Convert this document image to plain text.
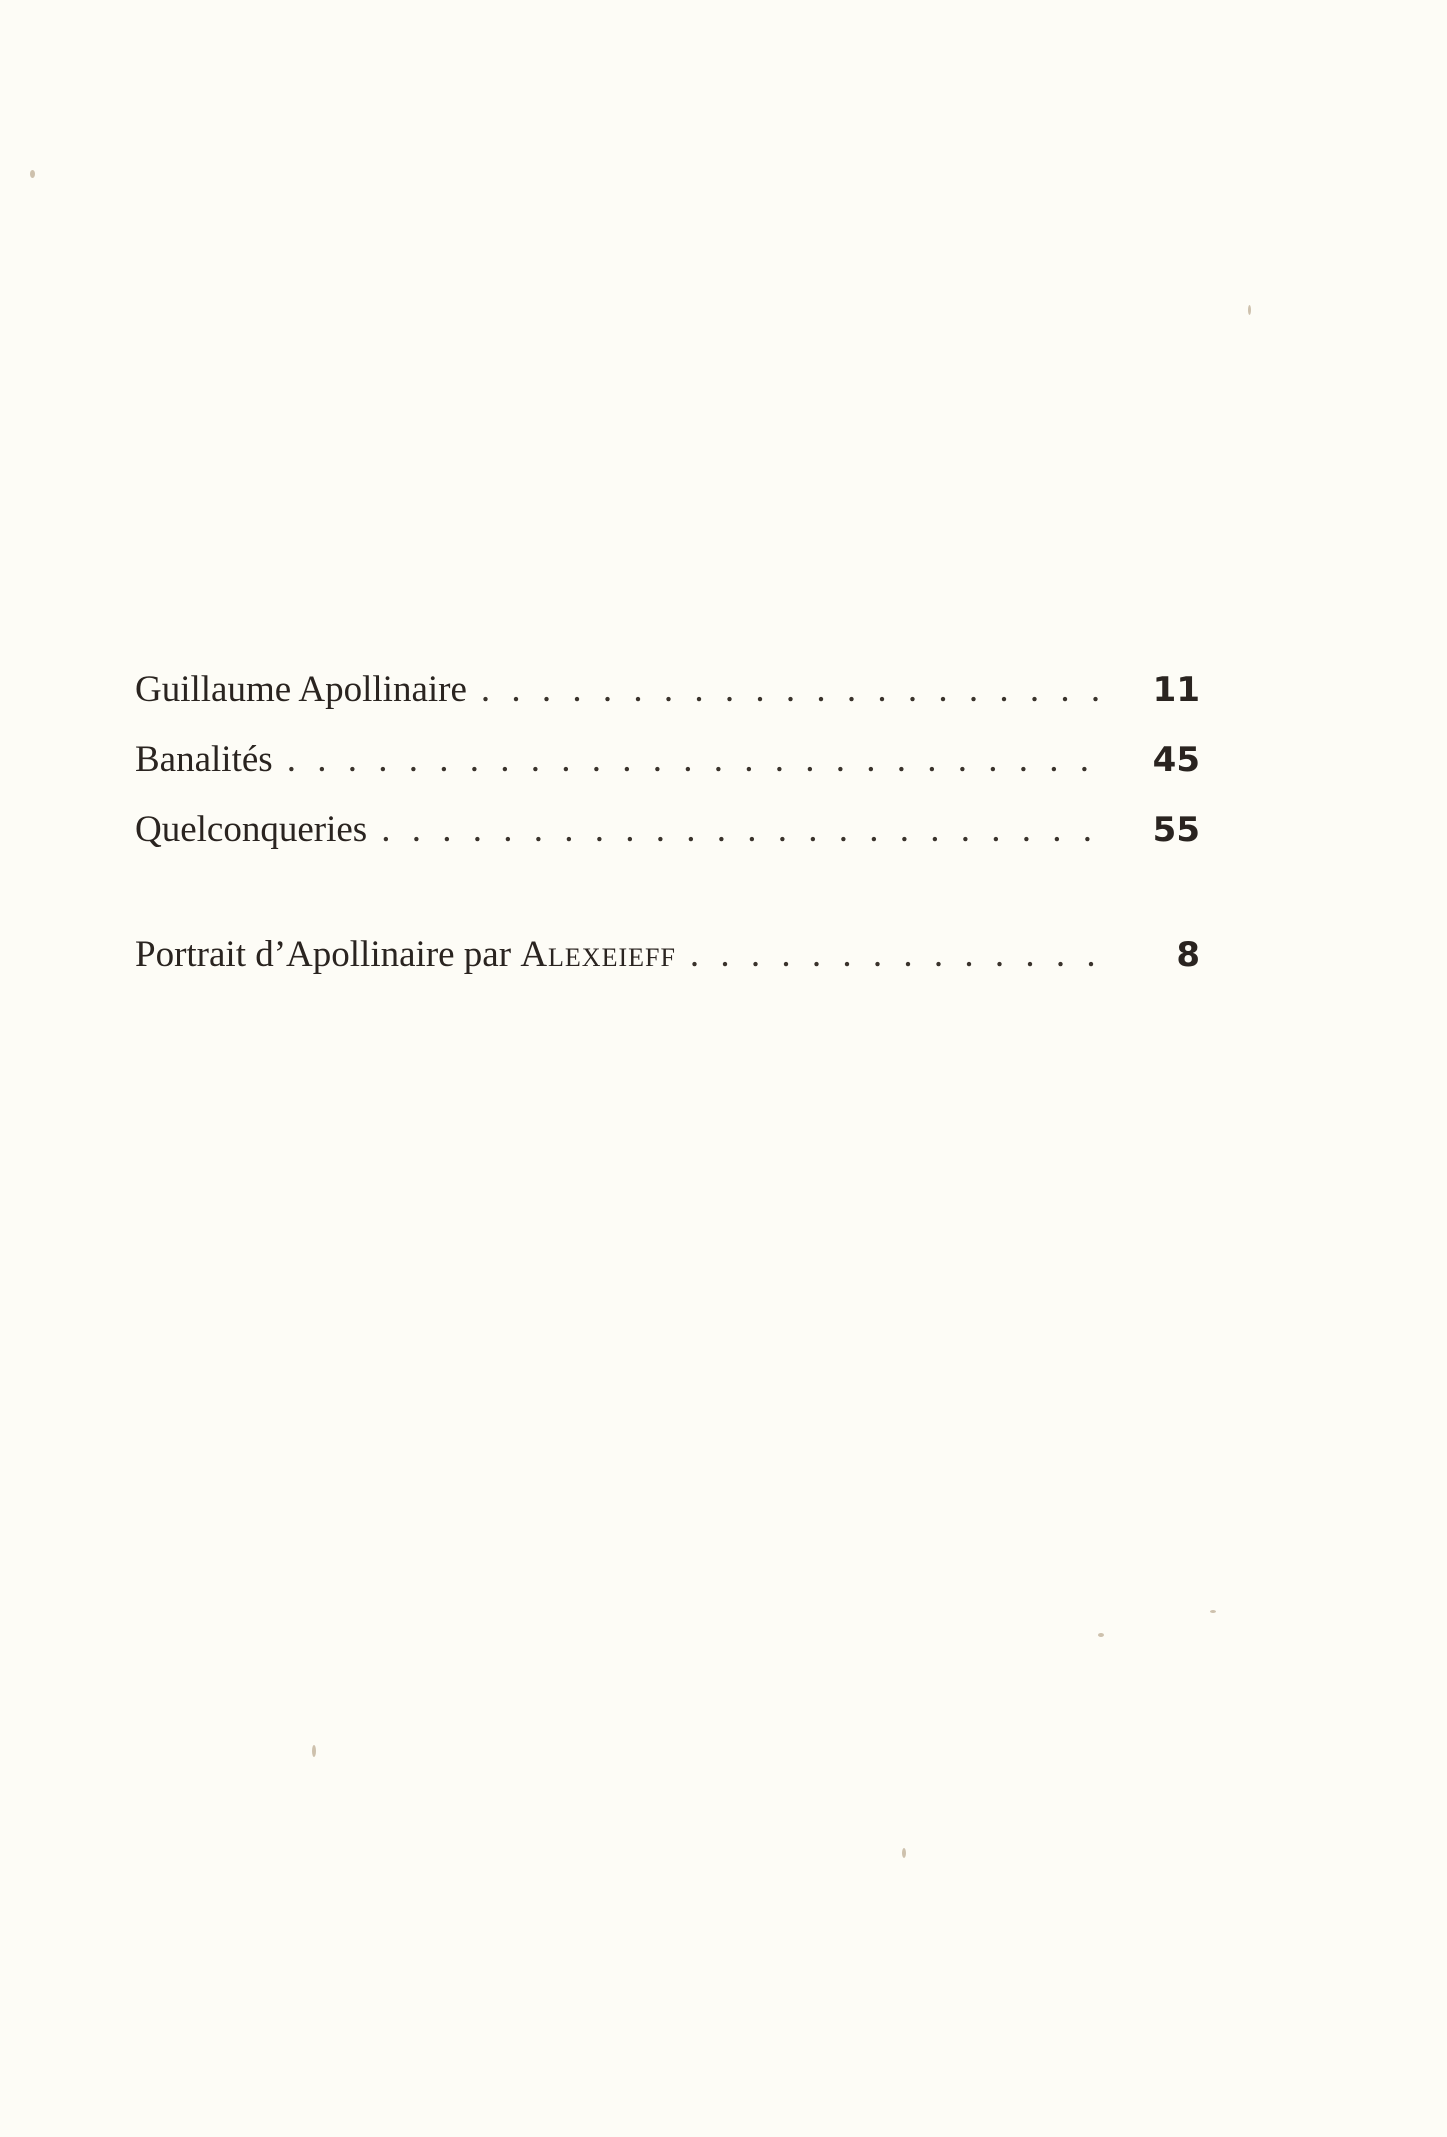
Guillaume Apollinaire . . .	11
Banalités . . .	45
Quelconqueries . . .	55
Portrait d’Apollinaire par Alexeieff . . .	8
